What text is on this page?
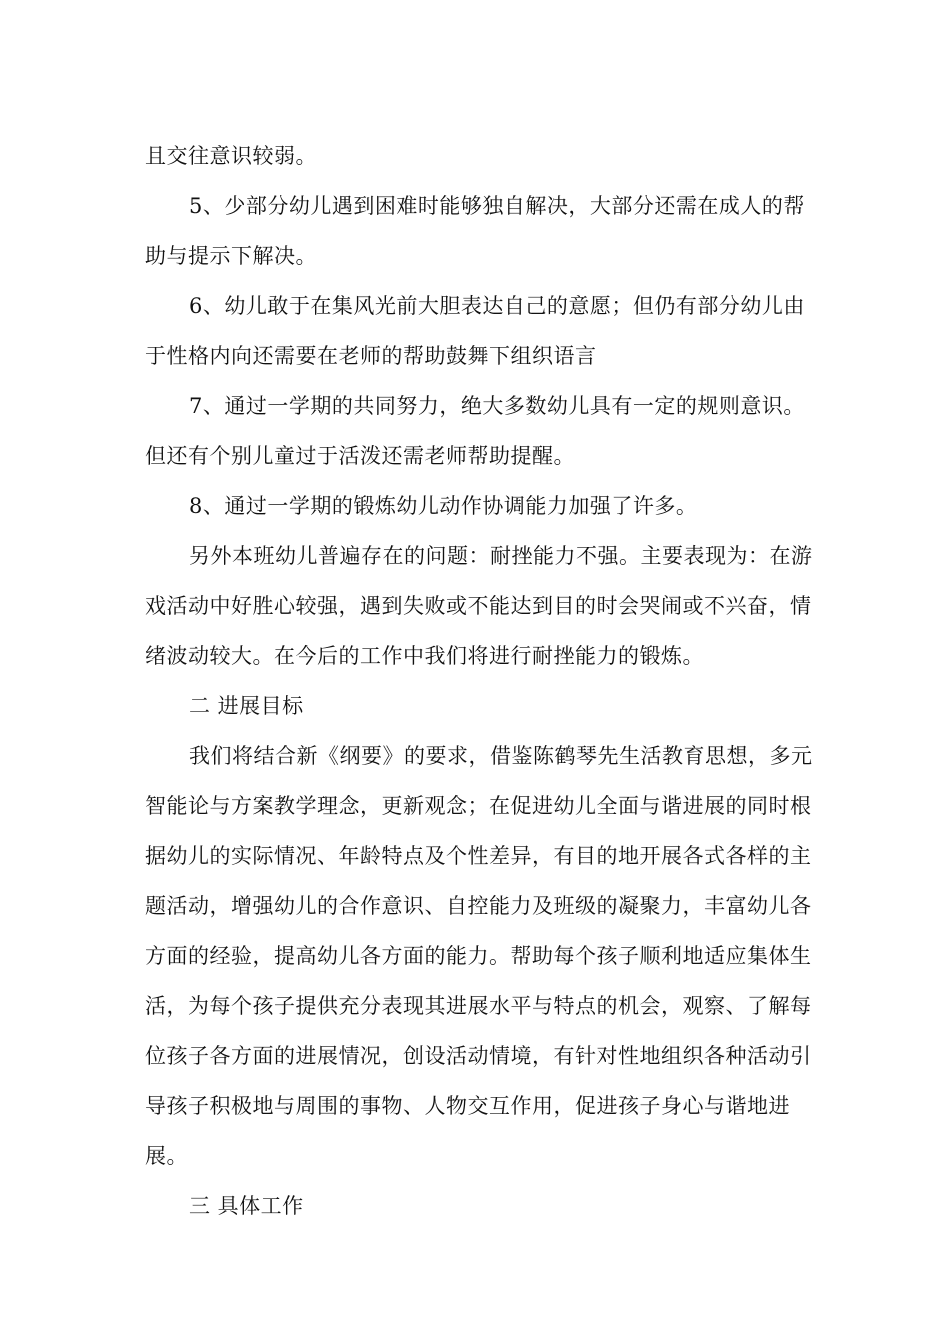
且交往意识较弱。

5、少部分幼儿遇到困难时能够独自解决，大部分还需在成人的帮助与提示下解决。

6、幼儿敢于在集风光前大胆表达自己的意愿；但仍有部分幼儿由于性格内向还需要在老师的帮助鼓舞下组织语言

7、通过一学期的共同努力，绝大多数幼儿具有一定的规则意识。但还有个别儿童过于活泼还需老师帮助提醒。

8、通过一学期的锻炼幼儿动作协调能力加强了许多。

另外本班幼儿普遍存在的问题：耐挫能力不强。主要表现为：在游戏活动中好胜心较强，遇到失败或不能达到目的时会哭闹或不兴奋，情绪波动较大。在今后的工作中我们将进行耐挫能力的锻炼。

二 进展目标

我们将结合新《纲要》的要求，借鉴陈鹤琴先生活教育思想，多元智能论与方案教学理念，更新观念；在促进幼儿全面与谐进展的同时根据幼儿的实际情况、年龄特点及个性差异，有目的地开展各式各样的主题活动，增强幼儿的合作意识、自控能力及班级的凝聚力，丰富幼儿各方面的经验，提高幼儿各方面的能力。帮助每个孩子顺利地适应集体生活，为每个孩子提供充分表现其进展水平与特点的机会，观察、了解每位孩子各方面的进展情况，创设活动情境，有针对性地组织各种活动引导孩子积极地与周围的事物、人物交互作用，促进孩子身心与谐地进展。

三 具体工作
